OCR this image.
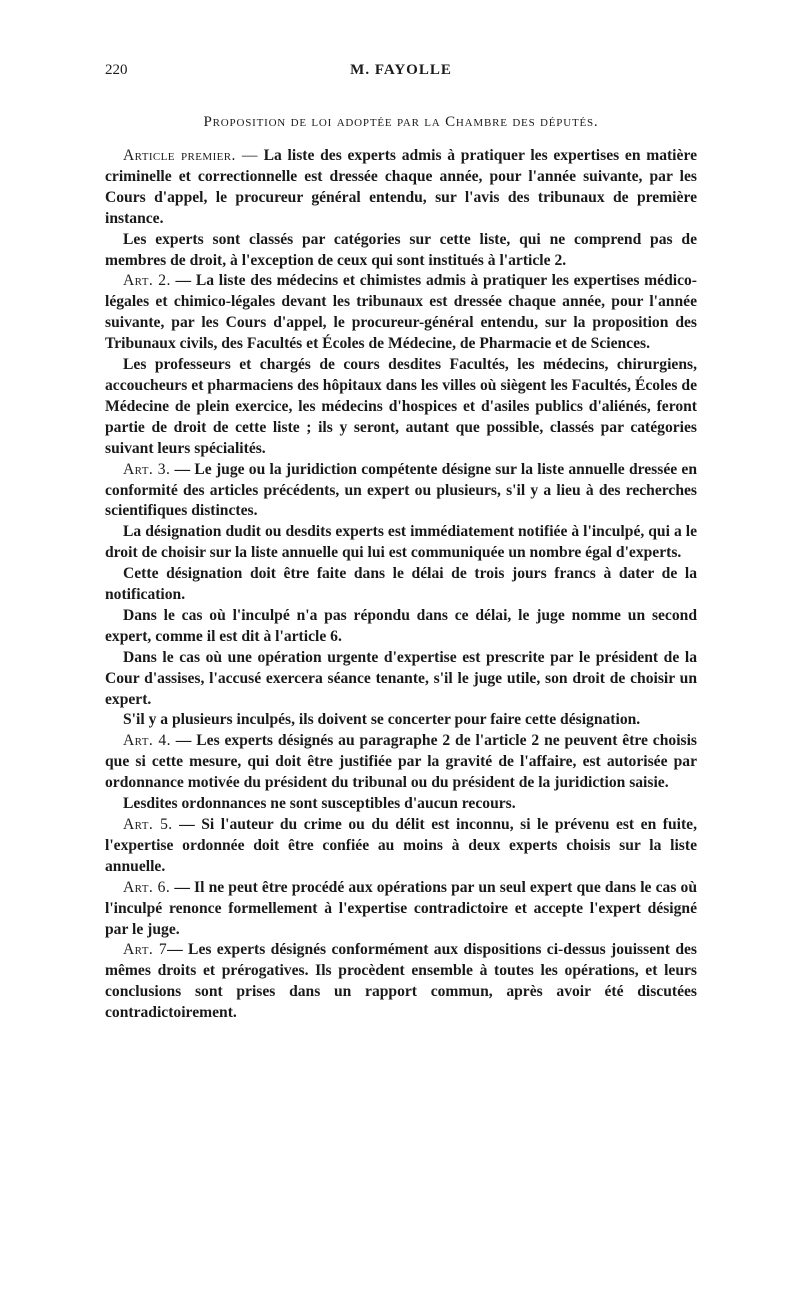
220	M. FAYOLLE
Proposition de loi adoptée par la Chambre des députés.

Article premier. — La liste des experts admis à pratiquer les expertises en matière criminelle et correctionnelle est dressée chaque année, pour l'année suivante, par les Cours d'appel, le procureur général entendu, sur l'avis des tribunaux de première instance.

Les experts sont classés par catégories sur cette liste, qui ne comprend pas de membres de droit, à l'exception de ceux qui sont institués à l'article 2.

Art. 2. — La liste des médecins et chimistes admis à pratiquer les expertises médico-légales et chimico-légales devant les tribunaux est dressée chaque année, pour l'année suivante, par les Cours d'appel, le procureur-général entendu, sur la proposition des Tribunaux civils, des Facultés et Écoles de Médecine, de Pharmacie et de Sciences.

Les professeurs et chargés de cours desdites Facultés, les médecins, chirurgiens, accoucheurs et pharmaciens des hôpitaux dans les villes où siègent les Facultés, Écoles de Médecine de plein exercice, les médecins d'hospices et d'asiles publics d'aliénés, feront partie de droit de cette liste ; ils y seront, autant que possible, classés par catégories suivant leurs spécialités.

Art. 3. — Le juge ou la juridiction compétente désigne sur la liste annuelle dressée en conformité des articles précédents, un expert ou plusieurs, s'il y a lieu à des recherches scientifiques distinctes.

La désignation dudit ou desdits experts est immédiatement notifiée à l'inculpé, qui a le droit de choisir sur la liste annuelle qui lui est communiquée un nombre égal d'experts.

Cette désignation doit être faite dans le délai de trois jours francs à dater de la notification.

Dans le cas où l'inculpé n'a pas répondu dans ce délai, le juge nomme un second expert, comme il est dit à l'article 6.

Dans le cas où une opération urgente d'expertise est prescrite par le président de la Cour d'assises, l'accusé exercera séance tenante, s'il le juge utile, son droit de choisir un expert.

S'il y a plusieurs inculpés, ils doivent se concerter pour faire cette désignation.

Art. 4. — Les experts désignés au paragraphe 2 de l'article 2 ne peuvent être choisis que si cette mesure, qui doit être justifiée par la gravité de l'affaire, est autorisée par ordonnance motivée du président du tribunal ou du président de la juridiction saisie.

Lesdites ordonnances ne sont susceptibles d'aucun recours.

Art. 5. — Si l'auteur du crime ou du délit est inconnu, si le prévenu est en fuite, l'expertise ordonnée doit être confiée au moins à deux experts choisis sur la liste annuelle.

Art. 6. — Il ne peut être procédé aux opérations par un seul expert que dans le cas où l'inculpé renonce formellement à l'expertise contradictoire et accepte l'expert désigné par le juge.

Art. 7— Les experts désignés conformément aux dispositions ci-dessus jouissent des mêmes droits et prérogatives. Ils procèdent ensemble à toutes les opérations, et leurs conclusions sont prises dans un rapport commun, après avoir été discutées contradictoirement.
